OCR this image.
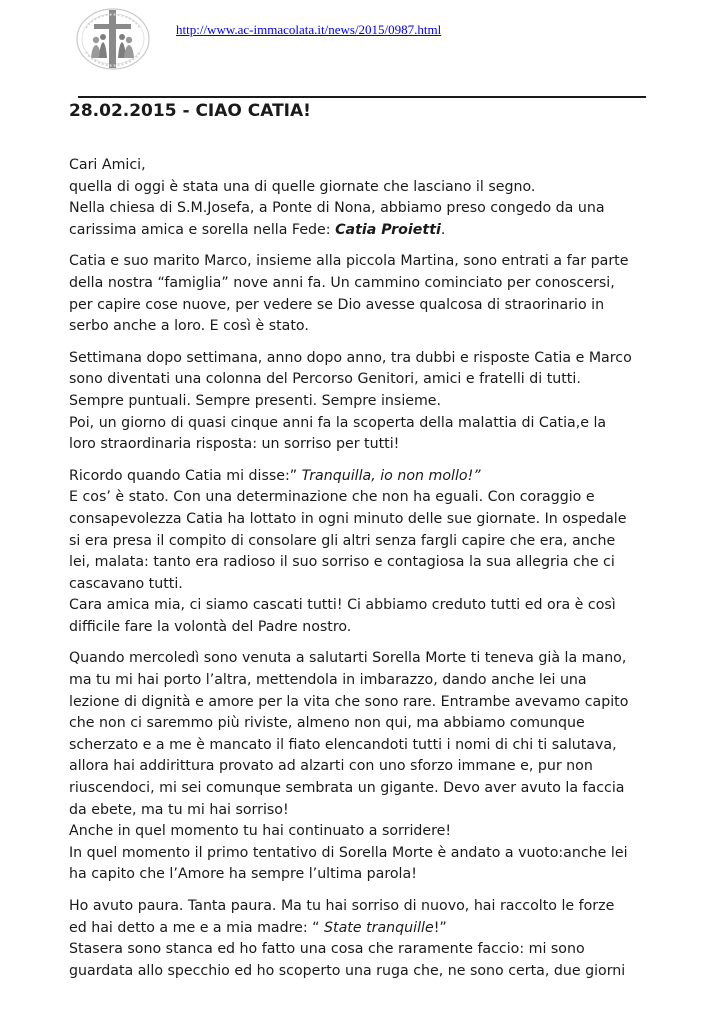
http://www.ac-immacolata.it/news/2015/0987.html
28.02.2015 - CIAO CATIA!

Cari Amici,
quella di oggi è stata una di quelle giornate che lasciano il segno.
Nella chiesa di S.M.Josefa, a Ponte di Nona, abbiamo preso congedo da una
carissima amica e sorella nella Fede: Catia Proietti.

Catia e suo marito Marco, insieme alla piccola Martina, sono entrati a far parte
della nostra “famiglia” nove anni fa. Un cammino cominciato per conoscersi,
per capire cose nuove, per vedere se Dio avesse qualcosa di straorinario in
serbo anche a loro. E così è stato.

Settimana dopo settimana, anno dopo anno, tra dubbi e risposte Catia e Marco
sono diventati una colonna del Percorso Genitori, amici e fratelli di tutti.
Sempre puntuali. Sempre presenti. Sempre insieme.
Poi, un giorno di quasi cinque anni fa la scoperta della malattia di Catia,e la
loro straordinaria risposta: un sorriso per tutti!

Ricordo quando Catia mi disse:” Tranquilla, io non mollo!”
E cos’ è stato. Con una determinazione che non ha eguali. Con coraggio e
consapevolezza Catia ha lottato in ogni minuto delle sue giornate. In ospedale
si era presa il compito di consolare gli altri senza fargli capire che era, anche
lei, malata: tanto era radioso il suo sorriso e contagiosa la sua allegria che ci
cascavano tutti.
Cara amica mia, ci siamo cascati tutti! Ci abbiamo creduto tutti ed ora è così
difficile fare la volontà del Padre nostro.

Quando mercoledì sono venuta a salutarti Sorella Morte ti teneva già la mano,
ma tu mi hai porto l’altra, mettendola in imbarazzo, dando anche lei una
lezione di dignità e amore per la vita che sono rare. Entrambe avevamo capito
che non ci saremmo più riviste, almeno non qui, ma abbiamo comunque
scherzato e a me è mancato il fiato elencandoti tutti i nomi di chi ti salutava,
allora hai addirittura provato ad alzarti con uno sforzo immane e, pur non
riuscendoci, mi sei comunque sembrata un gigante. Devo aver avuto la faccia
da ebete, ma tu mi hai sorriso!
Anche in quel momento tu hai continuato a sorridere!
In quel momento il primo tentativo di Sorella Morte è andato a vuoto:anche lei
ha capito che l’Amore ha sempre l’ultima parola!

Ho avuto paura. Tanta paura. Ma tu hai sorriso di nuovo, hai raccolto le forze
ed hai detto a me e a mia madre: “ State tranquille!”
Stasera sono stanca ed ho fatto una cosa che raramente faccio: mi sono
guardata allo specchio ed ho scoperto una ruga che, ne sono certa, due giorni
